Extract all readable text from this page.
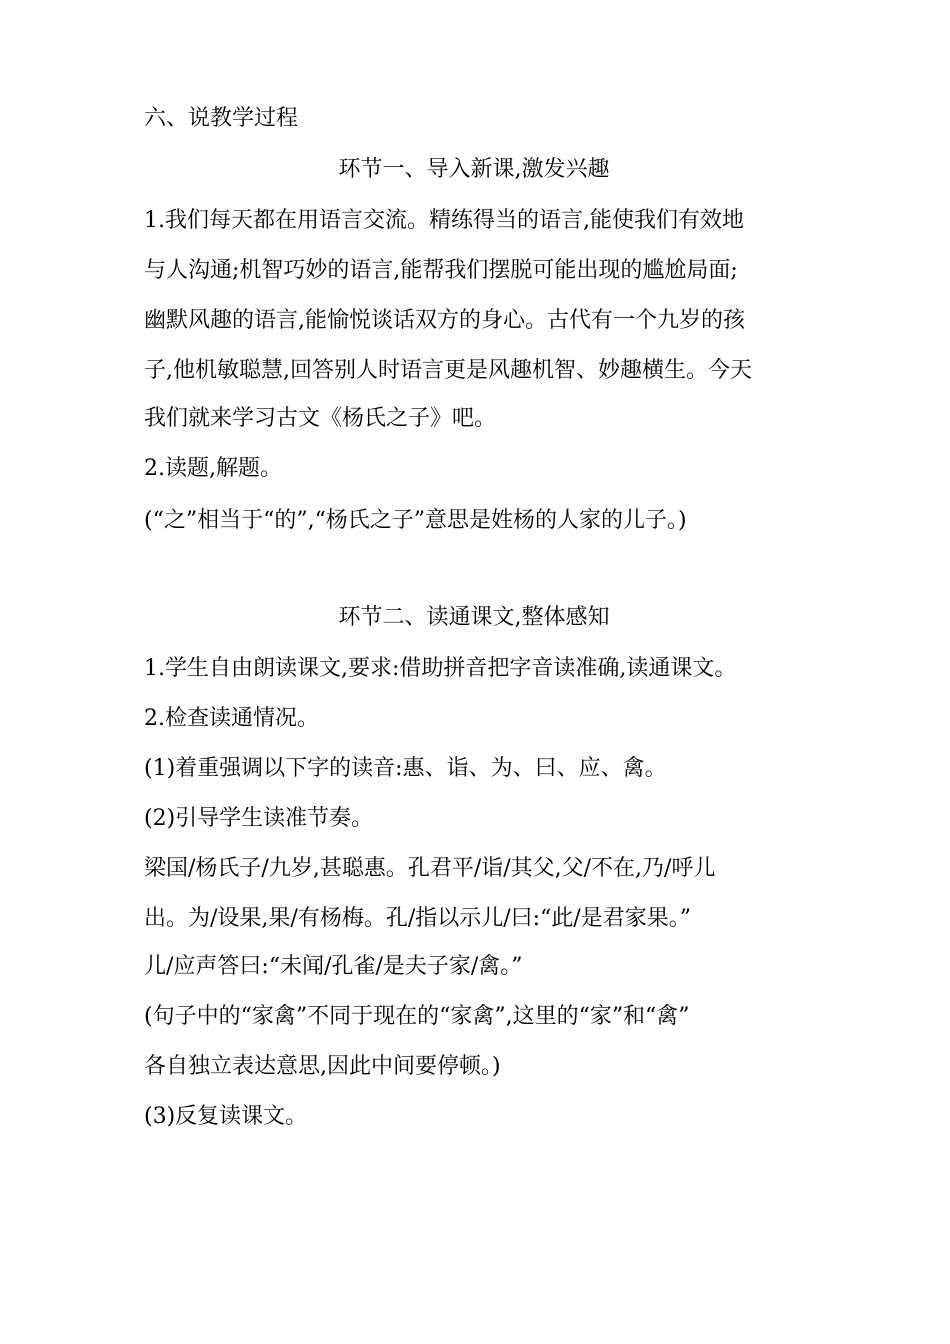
六、说教学过程
环节一、导入新课,激发兴趣
1.我们每天都在用语言交流。精练得当的语言,能使我们有效地
与人沟通;机智巧妙的语言,能帮我们摆脱可能出现的尴尬局面;
幽默风趣的语言,能愉悦谈话双方的身心。古代有一个九岁的孩
子,他机敏聪慧,回答别人时语言更是风趣机智、妙趣横生。今天
我们就来学习古文《杨氏之子》吧。
2.读题,解题。
(“之”相当于“的”,“杨氏之子”意思是姓杨的人家的儿子。)
环节二、读通课文,整体感知
1.学生自由朗读课文,要求:借助拼音把字音读准确,读通课文。
2.检查读通情况。
(1)着重强调以下字的读音:惠、诣、为、曰、应、禽。
(2)引导学生读准节奏。
梁国/杨氏子/九岁,甚聪惠。孔君平/诣/其父,父/不在,乃/呼儿
出。为/设果,果/有杨梅。孔/指以示儿/曰:“此/是君家果。”
儿/应声答曰:“未闻/孔雀/是夫子家/禽。”
(句子中的“家禽”不同于现在的“家禽”,这里的“家”和“禽”
各自独立表达意思,因此中间要停顿。)
(3)反复读课文。
